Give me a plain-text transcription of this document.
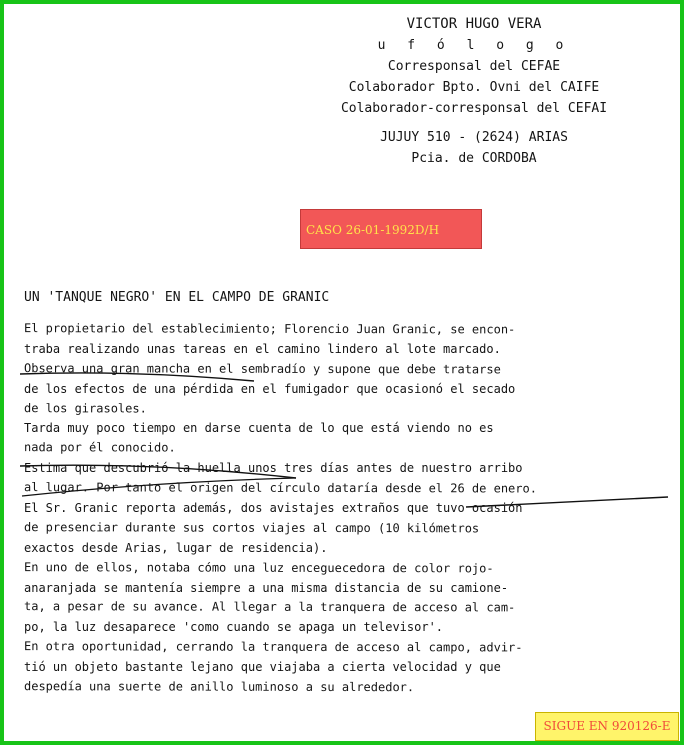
VICTOR HUGO VERA
u f ó l o g o
Corresponsal del CEFAE
Colaborador Bpto. Ovni del CAIFE
Colaborador-corresponsal del CEFAI
JUJUY 510 - (2624) ARIAS
Pcia. de CORDOBA
CASO 26-01-1992D/H
UN 'TANQUE NEGRO' EN EL CAMPO DE GRANIC
El propietario del establecimiento; Florencio Juan Granic, se encon-
traba realizando unas tareas en el camino lindero al lote marcado.
Observa una gran mancha en el sembradío y supone que debe tratarse
de los efectos de una pérdida en el fumigador que ocasionó el secado
de los girasoles.
Tarda muy poco tiempo en darse cuenta de lo que está viendo no es
nada por él conocido.
Estima que descubrió la huella unos tres días antes de nuestro arribo
al lugar. Por tanto el origen del círculo dataría desde el 26 de enero.
El Sr. Granic reporta además, dos avistajes extraños que tuvo ocasión
de presenciar durante sus cortos viajes al campo (10 kilómetros
exactos desde Arias, lugar de residencia).
En uno de ellos, notaba cómo una luz enceguecedora de color rojo-
anaranjada se mantenía siempre a una misma distancia de su camione-
ta, a pesar de su avance. Al llegar a la tranquera de acceso al cam-
po, la luz desaparece 'como cuando se apaga un televisor'.
En otra oportunidad, cerrando la tranquera de acceso al campo, advir-
tió un objeto bastante lejano que viajaba a cierta velocidad y que
despedía una suerte de anillo luminoso a su alrededor.
SIGUE EN 920126-E
